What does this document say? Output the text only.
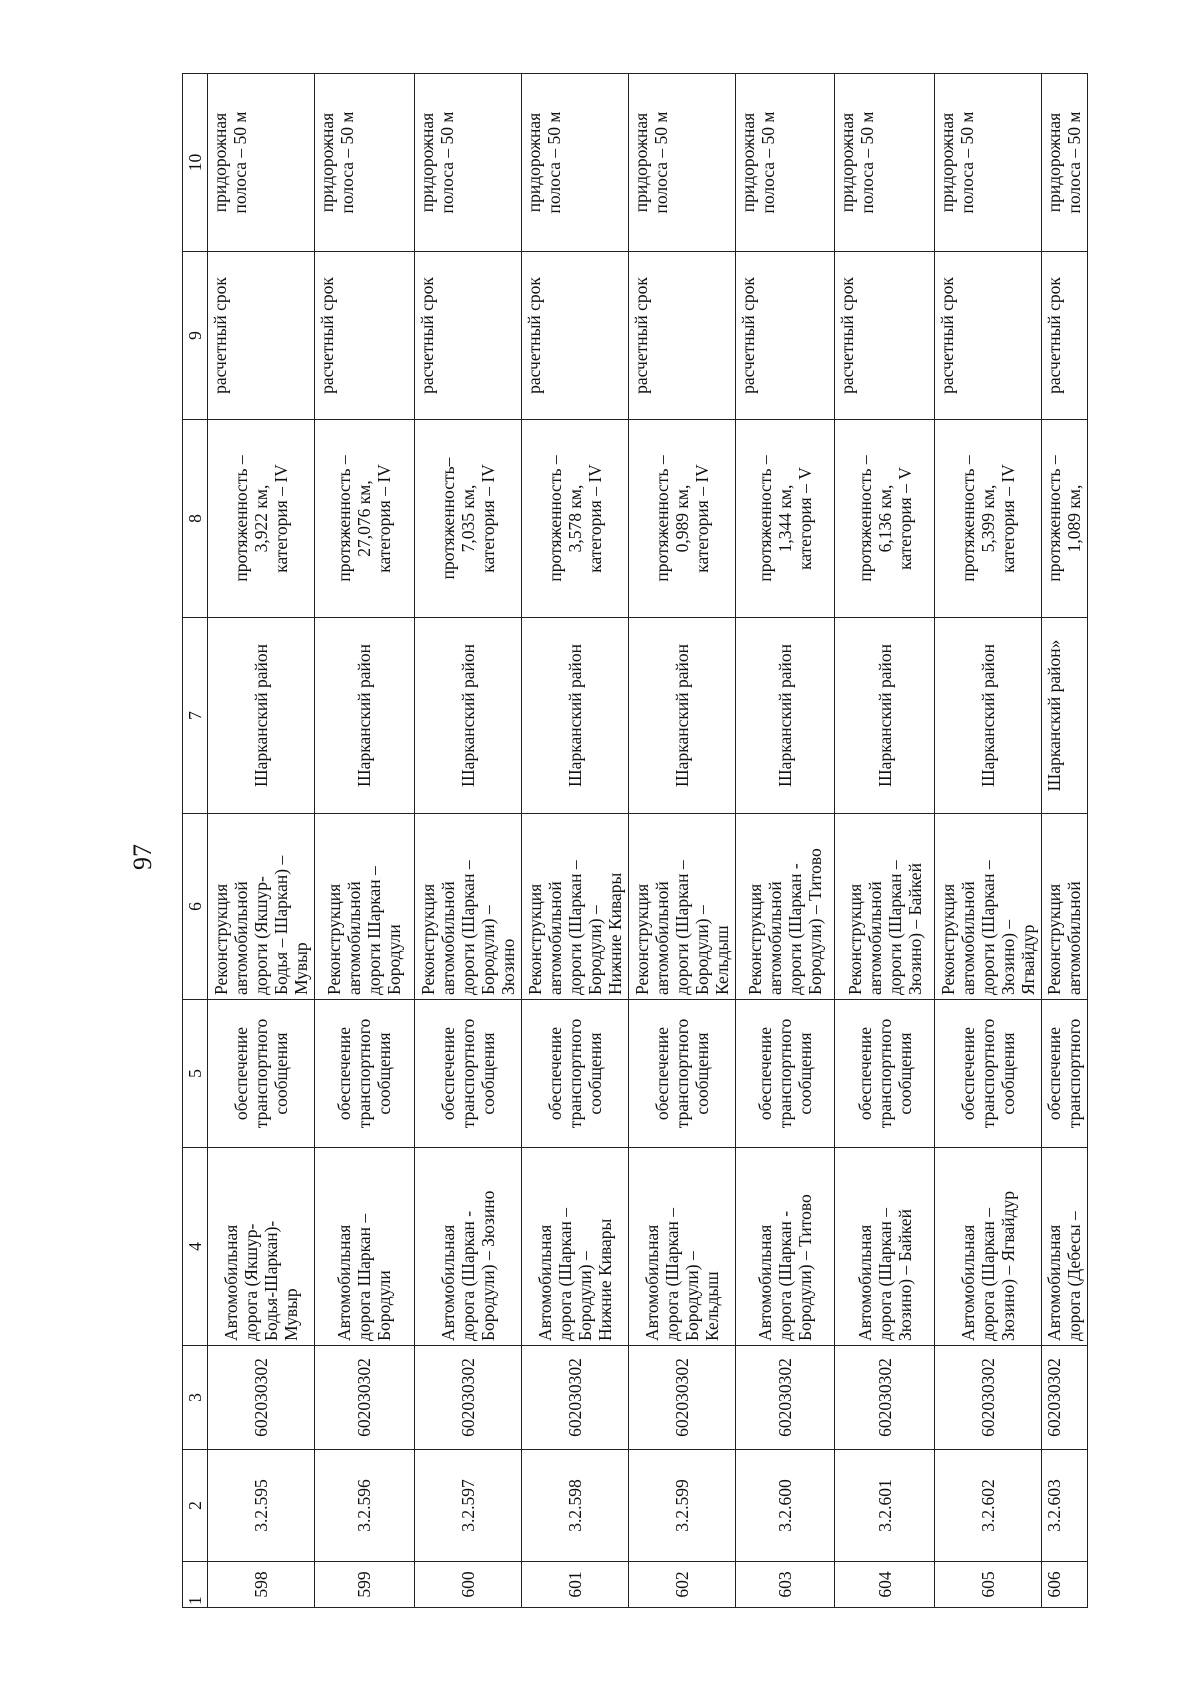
97
1	2	3	4	5	6	7	8	9	10
598	3.2.595	602030302	Автомобильная
дорога (Якшур-
Бодья-Шаркан)-
Мувыр	обеспечение
транспортного
сообщения	Реконструкция
автомобильной
дороги (Якшур-
Бодья – Шаркан) –
Мувыр	Шарканский район	протяженность –
3,922 км,
категория – IV	расчетный срок	придорожная
полоса – 50 м
599	3.2.596	602030302	Автомобильная
дорога Шаркан –
Бородули	обеспечение
транспортного
сообщения	Реконструкция
автомобильной
дороги Шаркан –
Бородули	Шарканский район	протяженность –
27,076 км,
категория – IV	расчетный срок	придорожная
полоса – 50 м
600	3.2.597	602030302	Автомобильная
дорога (Шаркан -
Бородули) – Зюзино	обеспечение
транспортного
сообщения	Реконструкция
автомобильной
дороги (Шаркан –
Бородули) –
Зюзино	Шарканский район	протяженность–
7,035 км,
категория – IV	расчетный срок	придорожная
полоса – 50 м
601	3.2.598	602030302	Автомобильная
дорога (Шаркан –
Бородули) –
Нижние Кивары	обеспечение
транспортного
сообщения	Реконструкция
автомобильной
дороги (Шаркан –
Бородули) –
Нижние Кивары	Шарканский район	протяженность –
3,578 км,
категория – IV	расчетный срок	придорожная
полоса – 50 м
602	3.2.599	602030302	Автомобильная
дорога (Шаркан –
Бородули) –
Кельдыш	обеспечение
транспортного
сообщения	Реконструкция
автомобильной
дороги (Шаркан –
Бородули) –
Кельдыш	Шарканский район	протяженность –
0,989 км,
категория – IV	расчетный срок	придорожная
полоса – 50 м
603	3.2.600	602030302	Автомобильная
дорога (Шаркан -
Бородули) – Титово	обеспечение
транспортного
сообщения	Реконструкция
автомобильной
дороги (Шаркан -
Бородули) – Титово	Шарканский район	протяженность –
1,344 км,
категория – V	расчетный срок	придорожная
полоса – 50 м
604	3.2.601	602030302	Автомобильная
дорога (Шаркан –
Зюзино) – Байкей	обеспечение
транспортного
сообщения	Реконструкция
автомобильной
дороги (Шаркан –
Зюзино) – Байкей	Шарканский район	протяженность –
6,136 км,
категория – V	расчетный срок	придорожная
полоса – 50 м
605	3.2.602	602030302	Автомобильная
дорога (Шаркан –
Зюзино) – Ягвайдур	обеспечение
транспортного
сообщения	Реконструкция
автомобильной
дороги (Шаркан –
Зюзино) –
Ягвайдур	Шарканский район	протяженность –
5,399 км,
категория – IV	расчетный срок	придорожная
полоса – 50 м
606	3.2.603	602030302	Автомобильная
дорога (Дебесы –	обеспечение
транспортного	Реконструкция
автомобильной	Шарканский район»	протяженность –
1,089 км,	расчетный срок	придорожная
полоса – 50 м
